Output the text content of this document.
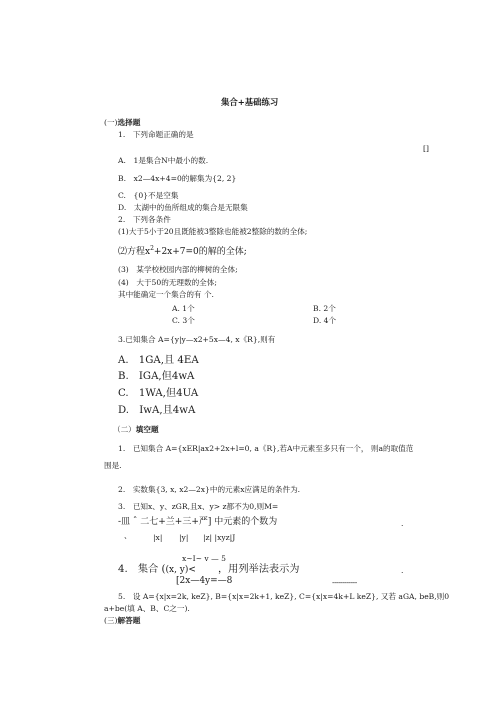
集合+基础练习
(一)选择题
1.　下列命题正确的是
[]
A.　1是集合N中最小的数.
B.　x2—4x+4=0的解集为{2, 2}
C.　{0}不是空集
D.　太湖中的鱼所组成的集合是无限集
2.　下列各条件
(1)大于5小于20且既能被3整除也能被2整除的数的全体;
⑵方程$x^2+2x+7=0$的解的全体;
(3)　某学校校园内部的柳树的全体;
(4)　大于50的无理数的全体;
其中能确定一个集合的有 个.
A. 1个	B. 2个
C. 3个	D. 4个
3.已知集合 A={y|y—x2+5x—4, x《R},则有
A.　1GA,且 4EA
B.　IGA,但4wA
C.　1WA,但4UA
D.　IwA,且4wA
（二）填空题
1.　已知集合 A={xER|ax2+2x+l=0, a《R},若A中元素至多只有一个， 则a的取值范
围是.
2.　实数集{3, x, x2—2x}中的元素x应满足的条件为.
3.　已知x、y、zGR,且x、y> z都不为0,则M=
-皿 ˆ 二七+兰+三+严] 中元素的个数为	.
、	|x| |y| |z| |xyz|J
x~I~ v — 5
4.　集合 ((x, y)< ，用列举法表示为	.
[2x—4y=—8	------------
5.　设 A={x|x=2k, keZ}, B={x|x=2k+1, keZ}, C={x|x=4k+L keZ}, 又若 aGA, beB,则0
a+be(填 A、B、C之一).
(三)解答题
